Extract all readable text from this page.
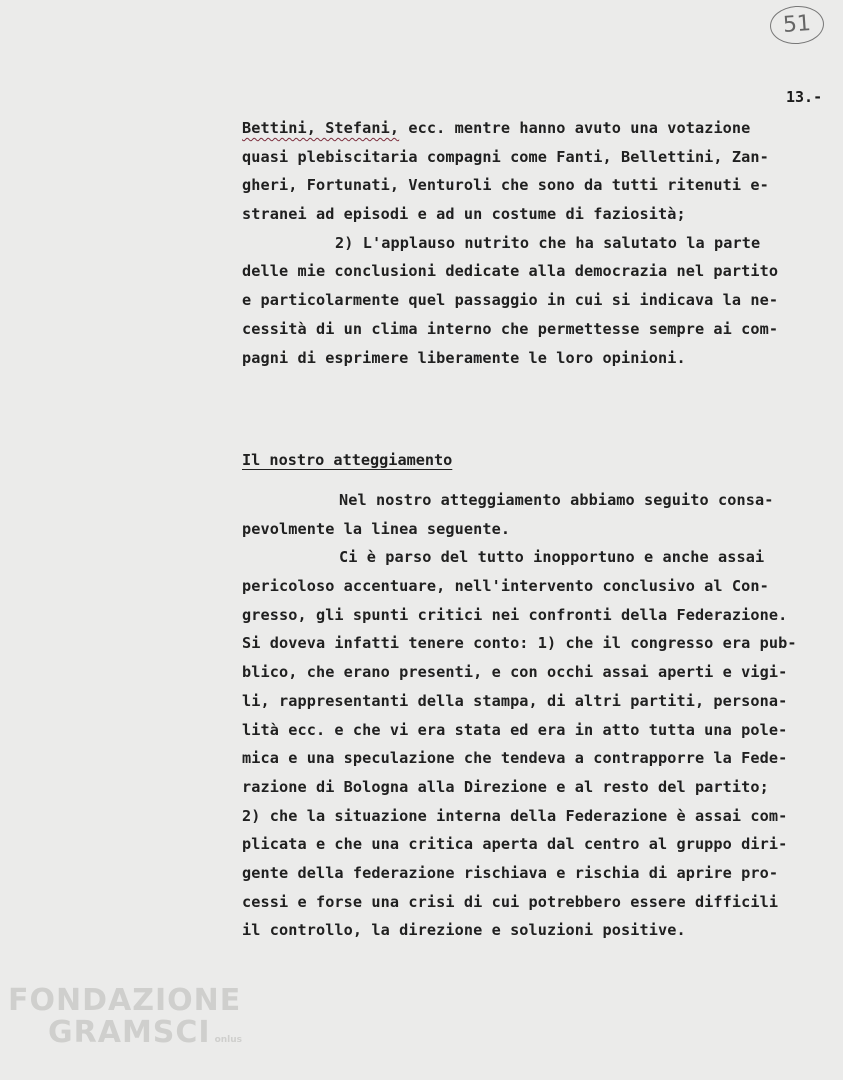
51
13.-
Bettini, Stefani, ecc. mentre hanno avuto una votazione
quasi plebiscitaria compagni come Fanti, Bellettini, Zan-
gheri, Fortunati, Venturoli che sono da tutti ritenuti e-
stranei ad episodi e ad un costume di faziosità;
2) L'applauso nutrito che ha salutato la parte
delle mie conclusioni dedicate alla democrazia nel partito
e particolarmente quel passaggio in cui si indicava la ne-
cessità di un clima interno che permettesse sempre ai com-
pagni di esprimere liberamente le loro opinioni.
Il nostro atteggiamento
Nel nostro atteggiamento abbiamo seguito consa-
pevolmente la linea seguente.
Ci è parso del tutto inopportuno e anche assai
pericoloso accentuare, nell'intervento conclusivo al Con-
gresso, gli spunti critici nei confronti della Federazione.
Si doveva infatti tenere conto: 1) che il congresso era pub-
blico, che erano presenti, e con occhi assai aperti e vigi-
li, rappresentanti della stampa, di altri partiti, persona-
lità ecc. e che vi era stata ed era in atto tutta una pole-
mica e una speculazione che tendeva a contrapporre la Fede-
razione di Bologna alla Direzione e al resto del partito;
2) che la situazione interna della Federazione è assai com-
plicata e che una critica aperta dal centro al gruppo diri-
gente della federazione rischiava e rischia di aprire pro-
cessi e forse una crisi di cui potrebbero essere difficili
il controllo, la direzione e soluzioni positive.
FONDAZIONE
GRAMSCI onlus
